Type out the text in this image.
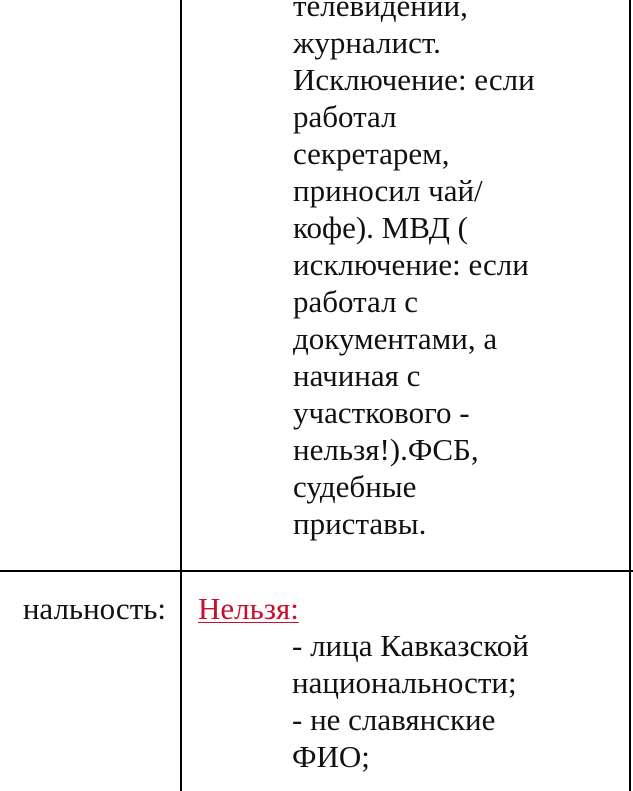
телевидении,
журналист.
Исключение: если
работал
секретарем,
приносил чай/
кофе). МВД (
исключение: если
работал с
документами, а
начиная с
участкового -
нельзя!).ФСБ,
судебные
приставы.
нальность: Нельзя:
- лица Кавказской
национальности;
- не славянские
ФИО;
